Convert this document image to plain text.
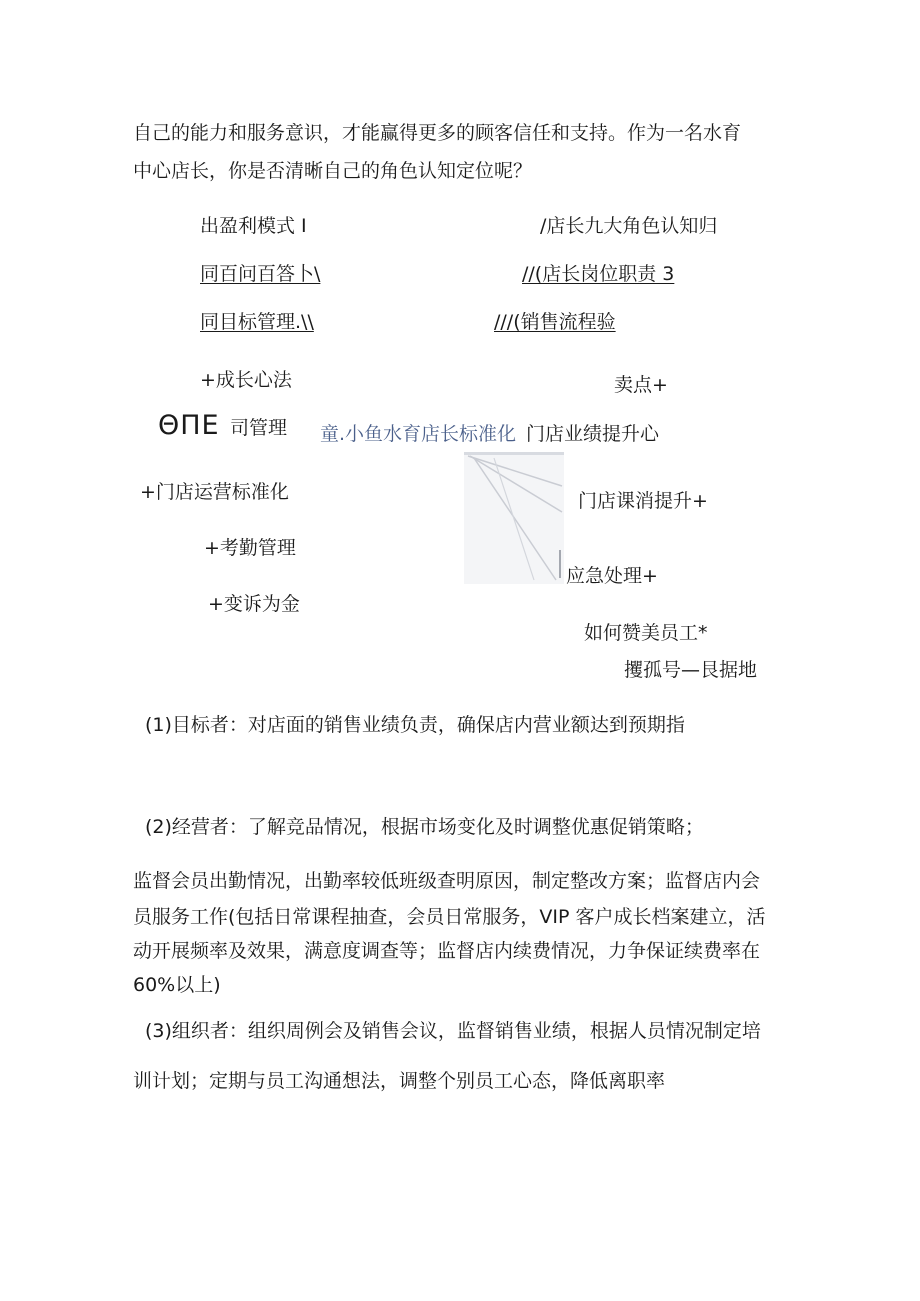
自己的能力和服务意识，才能赢得更多的顾客信任和支持。作为一名水育
中心店长，你是否清晰自己的角色认知定位呢？
出盈利模式 I
同百问百答卜\
同目标管理.\\
/店长九大角色认知归
//(店长岗位职责 3
///(销售流程验
+成长心法	卖点+
ΘΠΕ 司管理 童.小鱼水育店长标准化 门店业绩提升心
+门店运营标准化
+考勤管理
+变诉为金
门店课消提升+
应急处理+
如何赞美员工*
攫孤号—艮据地
(1)目标者：对店面的销售业绩负责，确保店内营业额达到预期指
(2)经营者：了解竞品情况，根据市场变化及时调整优惠促销策略；
监督会员出勤情况，出勤率较低班级查明原因，制定整改方案；监督店内会
员服务工作(包括日常课程抽查，会员日常服务，VIP 客户成长档案建立，活
动开展频率及效果，满意度调查等；监督店内续费情况，力争保证续费率在
60%以上)
(3)组织者：组织周例会及销售会议，监督销售业绩，根据人员情况制定培
训计划；定期与员工沟通想法，调整个别员工心态，降低离职率
